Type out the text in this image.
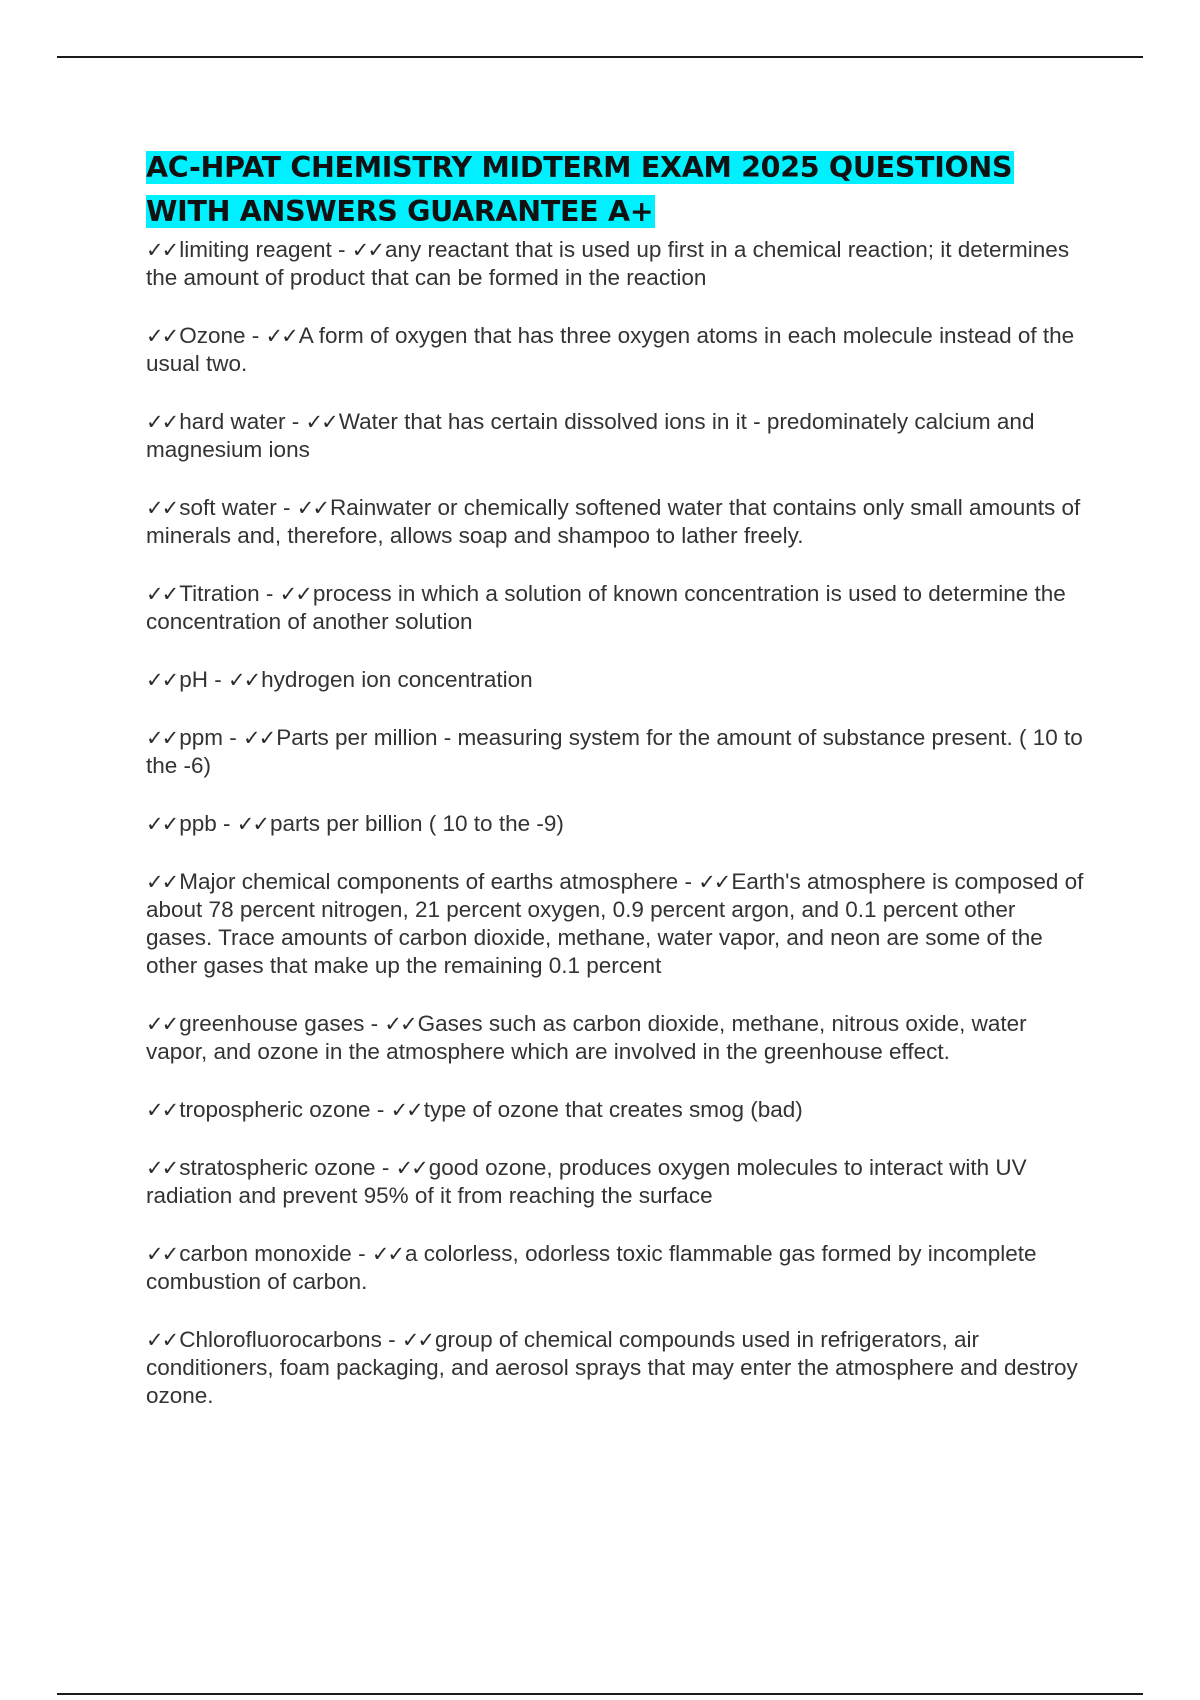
AC-HPAT CHEMISTRY MIDTERM EXAM 2025 QUESTIONS WITH ANSWERS GUARANTEE A+

✓✓limiting reagent - ✓✓any reactant that is used up first in a chemical reaction; it determines the amount of product that can be formed in the reaction

✓✓Ozone - ✓✓A form of oxygen that has three oxygen atoms in each molecule instead of the usual two.

✓✓hard water - ✓✓Water that has certain dissolved ions in it - predominately calcium and magnesium ions

✓✓soft water - ✓✓Rainwater or chemically softened water that contains only small amounts of minerals and, therefore, allows soap and shampoo to lather freely.

✓✓Titration - ✓✓process in which a solution of known concentration is used to determine the concentration of another solution

✓✓pH - ✓✓hydrogen ion concentration

✓✓ppm - ✓✓Parts per million - measuring system for the amount of substance present. ( 10 to the -6)

✓✓ppb - ✓✓parts per billion ( 10 to the -9)

✓✓Major chemical components of earths atmosphere - ✓✓Earth's atmosphere is composed of about 78 percent nitrogen, 21 percent oxygen, 0.9 percent argon, and 0.1 percent other gases. Trace amounts of carbon dioxide, methane, water vapor, and neon are some of the other gases that make up the remaining 0.1 percent

✓✓greenhouse gases - ✓✓Gases such as carbon dioxide, methane, nitrous oxide, water vapor, and ozone in the atmosphere which are involved in the greenhouse effect.

✓✓tropospheric ozone - ✓✓type of ozone that creates smog (bad)

✓✓stratospheric ozone - ✓✓good ozone, produces oxygen molecules to interact with UV radiation and prevent 95% of it from reaching the surface

✓✓carbon monoxide - ✓✓a colorless, odorless toxic flammable gas formed by incomplete combustion of carbon.

✓✓Chlorofluorocarbons - ✓✓group of chemical compounds used in refrigerators, air conditioners, foam packaging, and aerosol sprays that may enter the atmosphere and destroy ozone.
